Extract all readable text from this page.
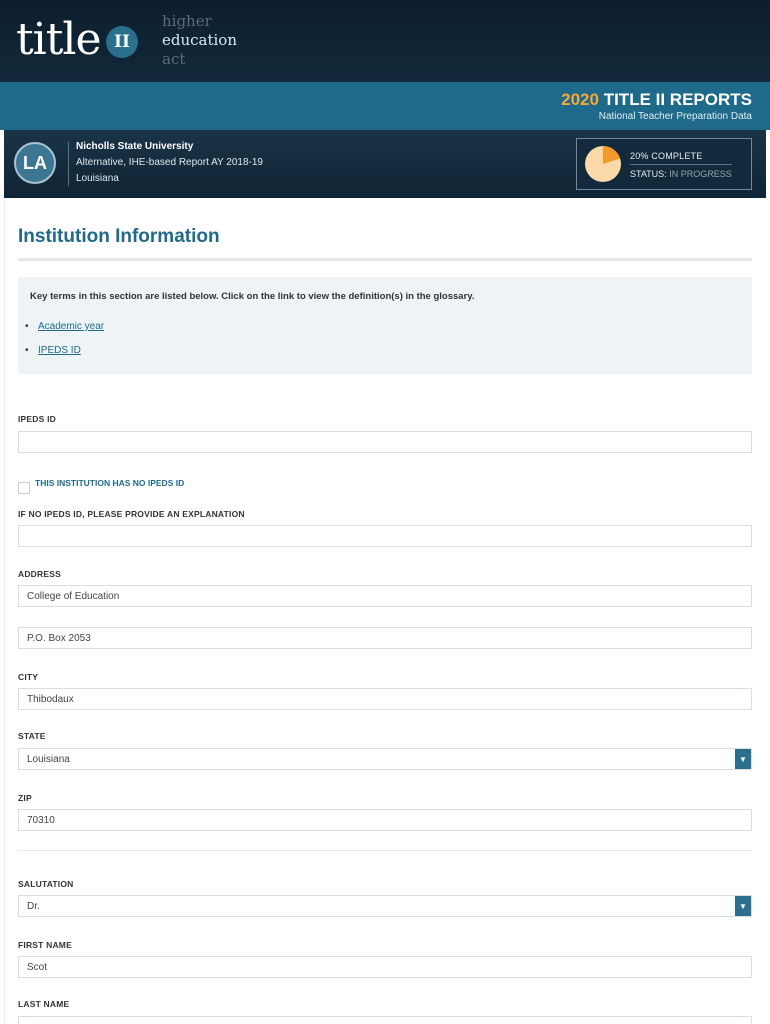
title II
higher
education
act
2020 TITLE II REPORTS
National Teacher Preparation Data
LA
Nicholls State University
Alternative, IHE-based Report AY 2018-19
Louisiana
20% COMPLETE
STATUS: IN PROGRESS
Institution Information
Key terms in this section are listed below. Click on the link to view the definition(s) in the glossary.
• Academic year
• IPEDS ID
IPEDS ID
THIS INSTITUTION HAS NO IPEDS ID
IF NO IPEDS ID, PLEASE PROVIDE AN EXPLANATION
ADDRESS
College of Education
P.O. Box 2053
CITY
Thibodaux
STATE
Louisiana	▼
ZIP
70310
SALUTATION
Dr.	▼
FIRST NAME
Scot
LAST NAME
